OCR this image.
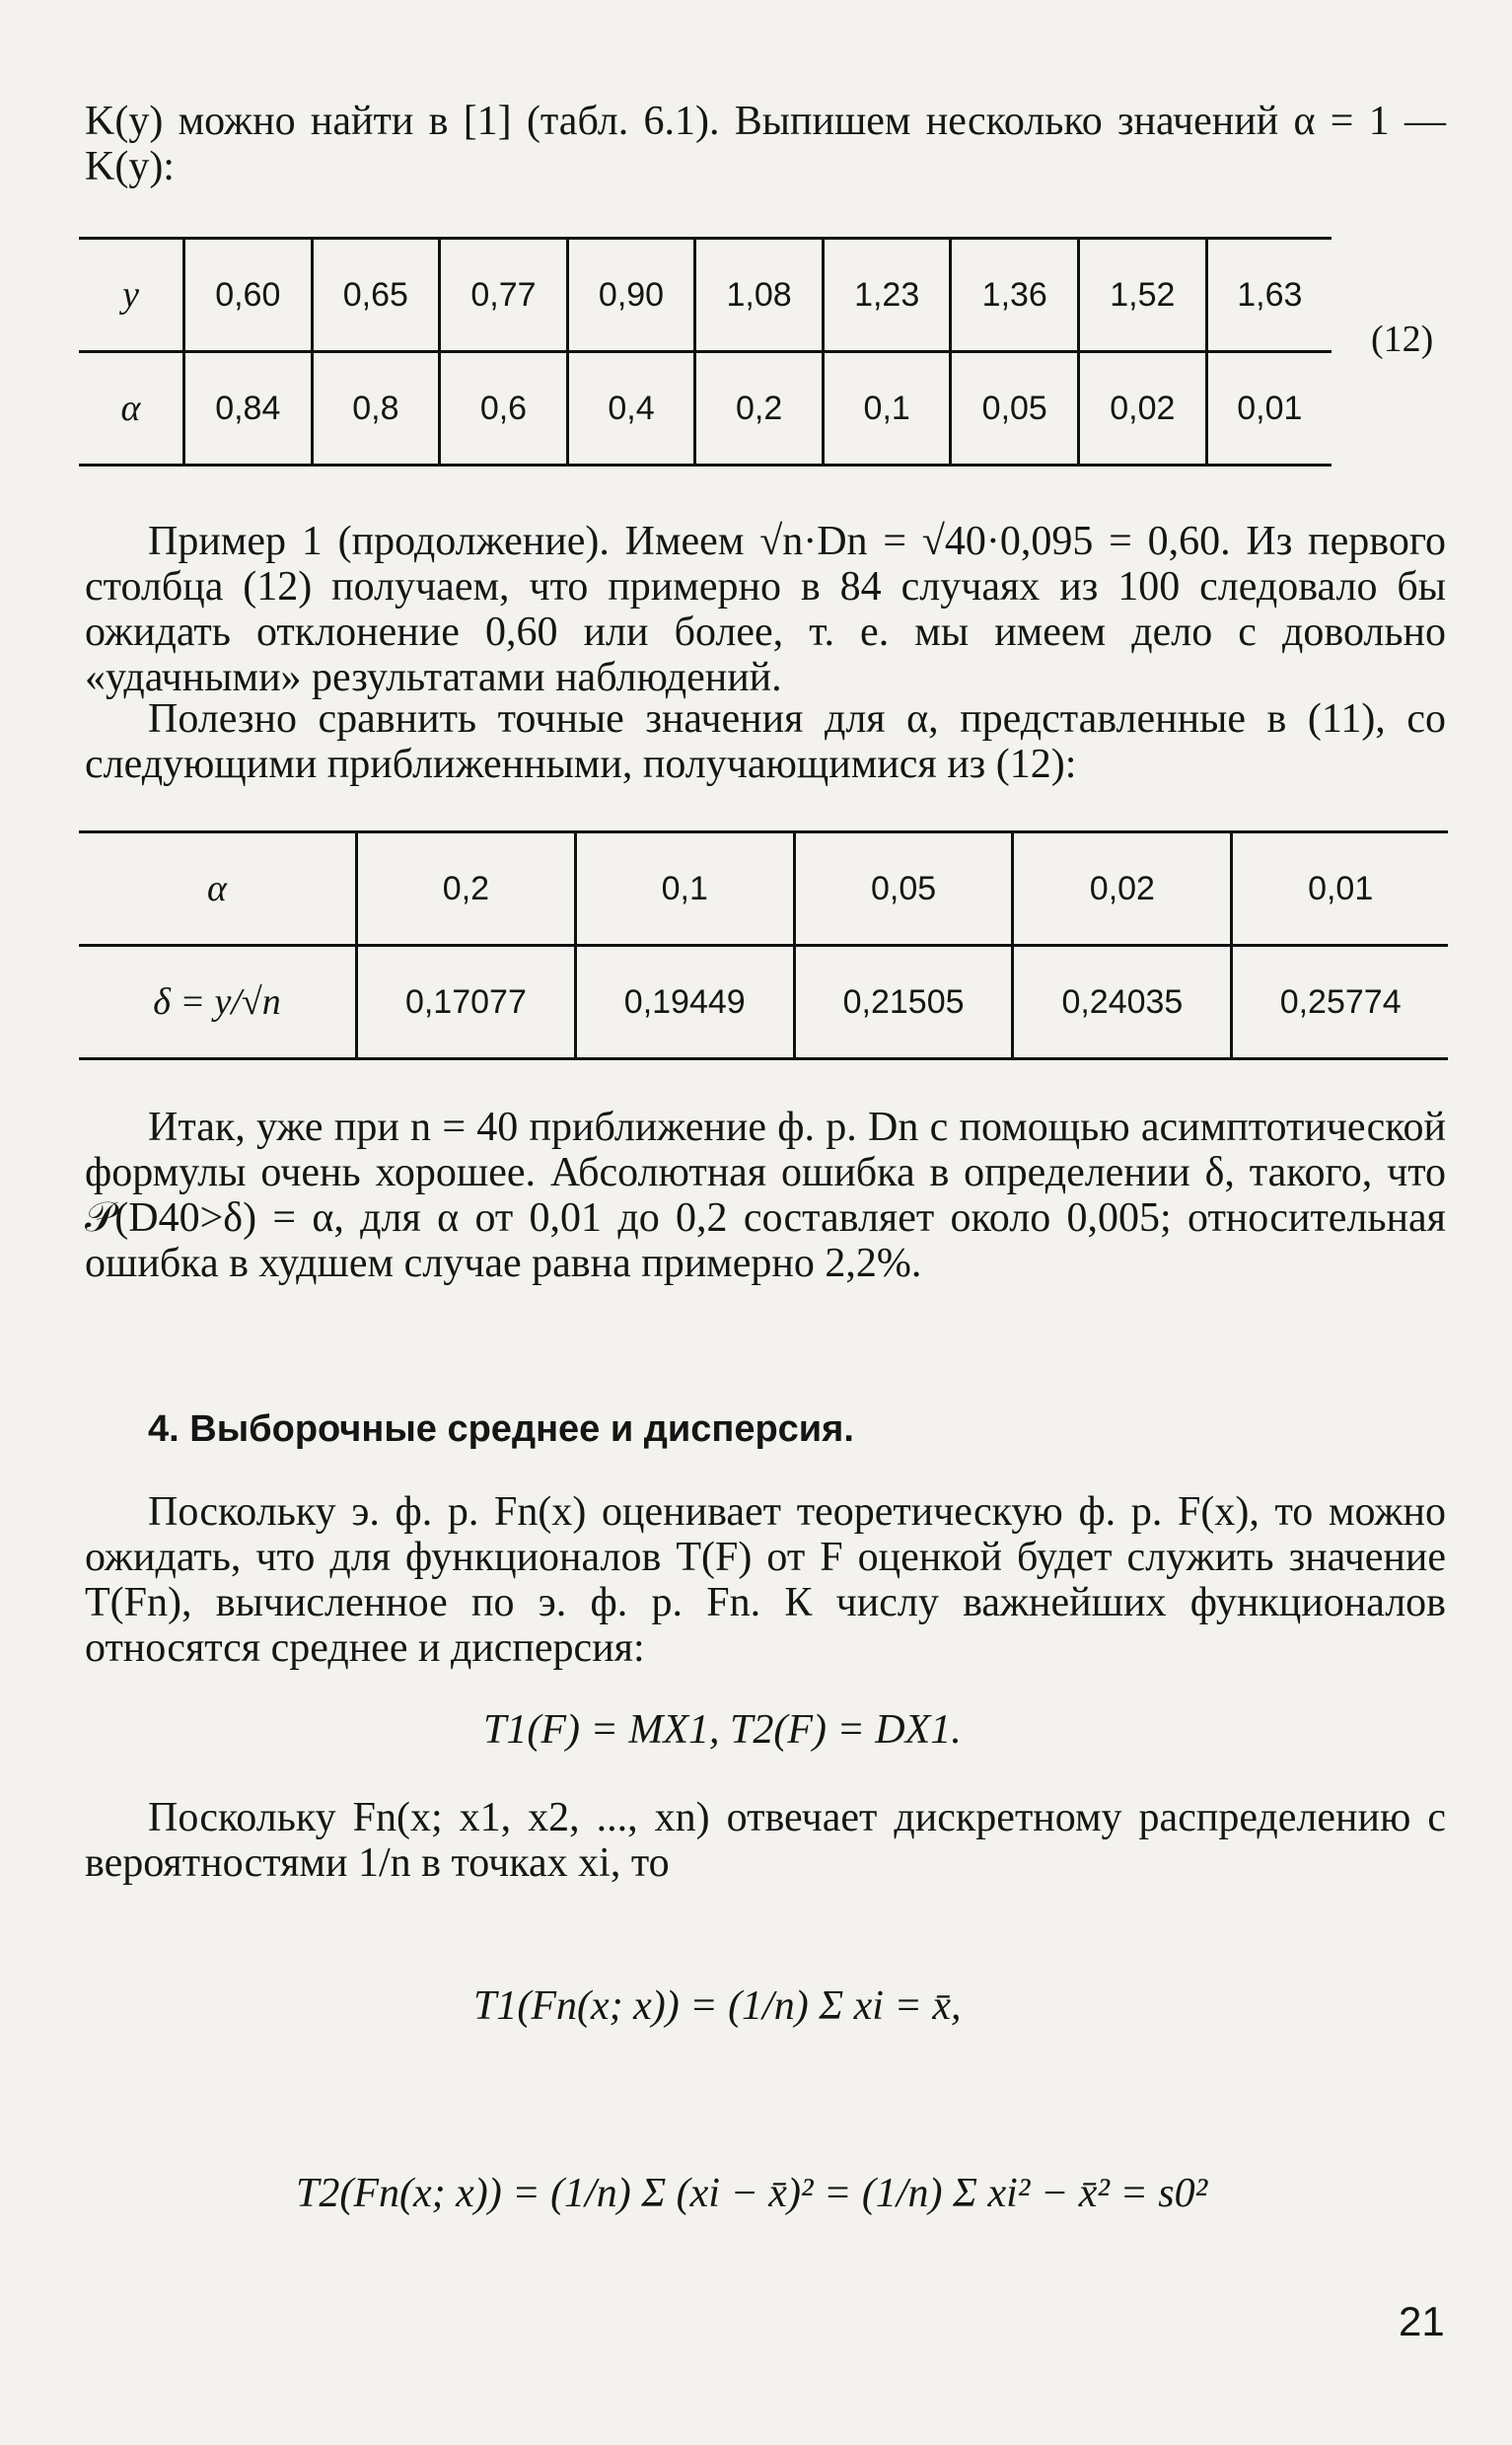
K(y) можно найти в [1] (табл. 6.1). Выпишем несколько значений α = 1 — K(y):

y	0,60	0,65	0,77	0,90	1,08	1,23	1,36	1,52	1,63
α	0,84	0,8	0,6	0,4	0,2	0,1	0,05	0,02	0,01
(12)

Пример 1 (продолжение). Имеем √n·Dn = √40·0,095 = 0,60. Из первого столбца (12) получаем, что примерно в 84 случаях из 100 следовало бы ожидать отклонение 0,60 или более, т. е. мы имеем дело с довольно «удачными» результатами наблюдений.

Полезно сравнить точные значения для α, представленные в (11), со следующими приближенными, получающимися из (12):

α	0,2	0,1	0,05	0,02	0,01
δ = y/√n	0,17077	0,19449	0,21505	0,24035	0,25774

Итак, уже при n = 40 приближение ф. р. Dn с помощью асимптотической формулы очень хорошее. Абсолютная ошибка в определении δ, такого, что 𝒫(D40>δ) = α, для α от 0,01 до 0,2 составляет около 0,005; относительная ошибка в худшем случае равна примерно 2,2%.

4. Выборочные среднее и дисперсия.

Поскольку э. ф. р. Fn(x) оценивает теоретическую ф. р. F(x), то можно ожидать, что для функционалов T(F) от F оценкой будет служить значение T(Fn), вычисленное по э. ф. р. Fn. К числу важнейших функционалов относятся среднее и дисперсия:

T1(F) = MX1, T2(F) = DX1.

Поскольку Fn(x; x1, x2, ..., xn) отвечает дискретному распределению с вероятностями 1/n в точках xi, то

T1(Fn(x; x)) = (1/n) Σ xi = x̄,
T2(Fn(x; x)) = (1/n) Σ (xi − x̄)² = (1/n) Σ xi² − x̄² = s0²
21
